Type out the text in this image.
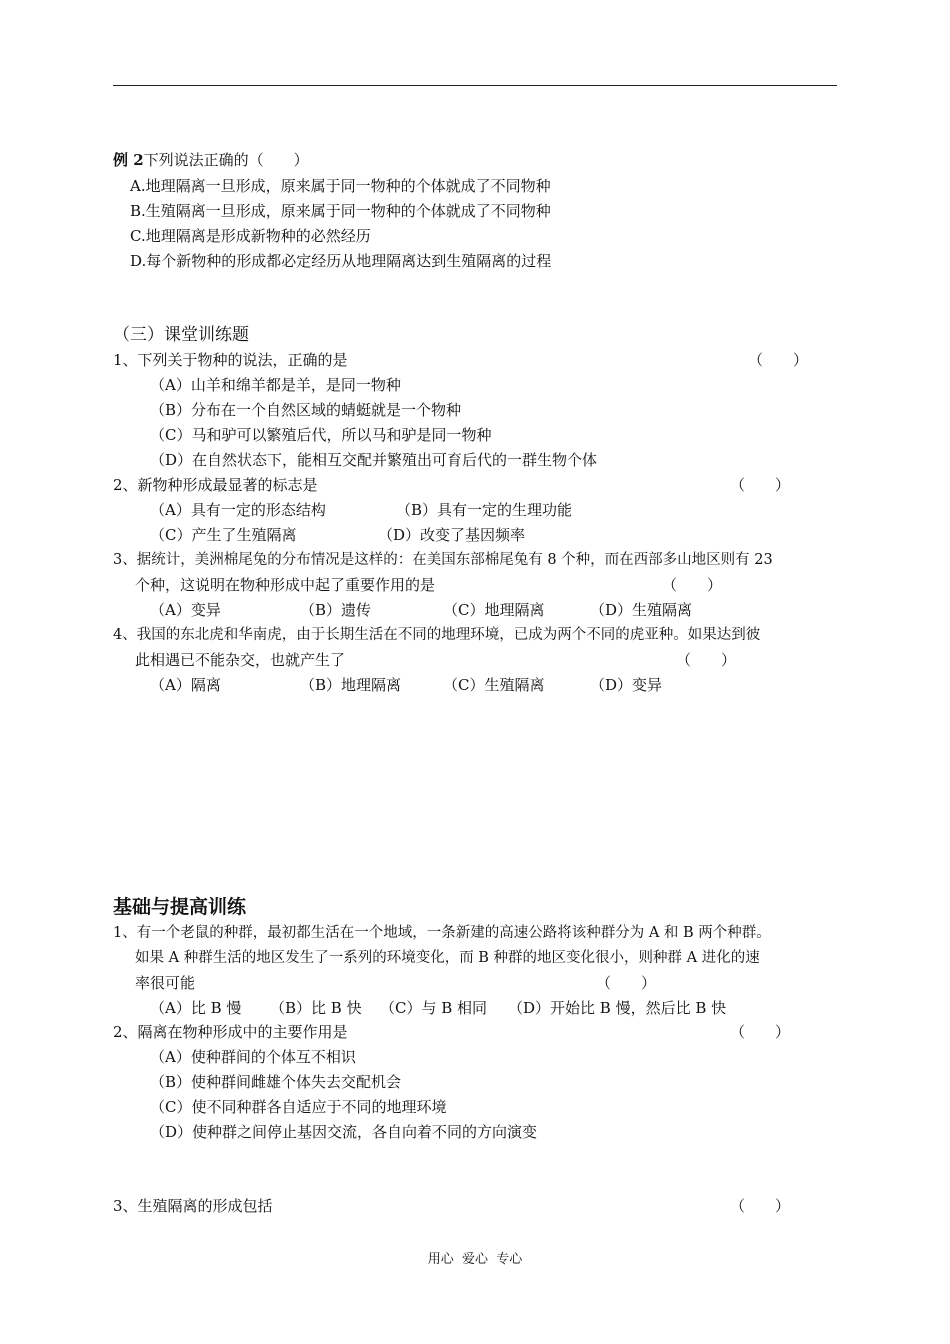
例 2下列说法正确的（　　）
A.地理隔离一旦形成，原来属于同一物种的个体就成了不同物种
B.生殖隔离一旦形成，原来属于同一物种的个体就成了不同物种
C.地理隔离是形成新物种的必然经历
D.每个新物种的形成都必定经历从地理隔离达到生殖隔离的过程
（三）课堂训练题
1、下列关于物种的说法，正确的是	（　　）
（A）山羊和绵羊都是羊，是同一物种
（B）分布在一个自然区域的蜻蜓就是一个物种
（C）马和驴可以繁殖后代，所以马和驴是同一物种
（D）在自然状态下，能相互交配并繁殖出可育后代的一群生物个体
2、新物种形成最显著的标志是	（　　）
（A）具有一定的形态结构	（B）具有一定的生理功能
（C）产生了生殖隔离	（D）改变了基因频率
3、据统计，美洲棉尾兔的分布情况是这样的：在美国东部棉尾兔有 8 个种，而在西部多山地区则有 23
个种，这说明在物种形成中起了重要作用的是	（　　）
（A）变异	（B）遗传	（C）地理隔离	（D）生殖隔离
4、我国的东北虎和华南虎，由于长期生活在不同的地理环境，已成为两个不同的虎亚种。如果达到彼
此相遇已不能杂交，也就产生了	（　　）
（A）隔离	（B）地理隔离	（C）生殖隔离	（D）变异
基础与提高训练
1、有一个老鼠的种群，最初都生活在一个地域，一条新建的高速公路将该种群分为 A 和 B 两个种群。
如果 A 种群生活的地区发生了一系列的环境变化，而 B 种群的地区变化很小，则种群 A 进化的速
率很可能	（　　）
（A）比 B 慢 （B）比 B 快 （C）与 B 相同 （D）开始比 B 慢，然后比 B 快
2、隔离在物种形成中的主要作用是	（　　）
（A）使种群间的个体互不相识
（B）使种群间雌雄个体失去交配机会
（C）使不同种群各自适应于不同的地理环境
（D）使种群之间停止基因交流，各自向着不同的方向演变
3、生殖隔离的形成包括	（　　）
用心  爱心  专心
